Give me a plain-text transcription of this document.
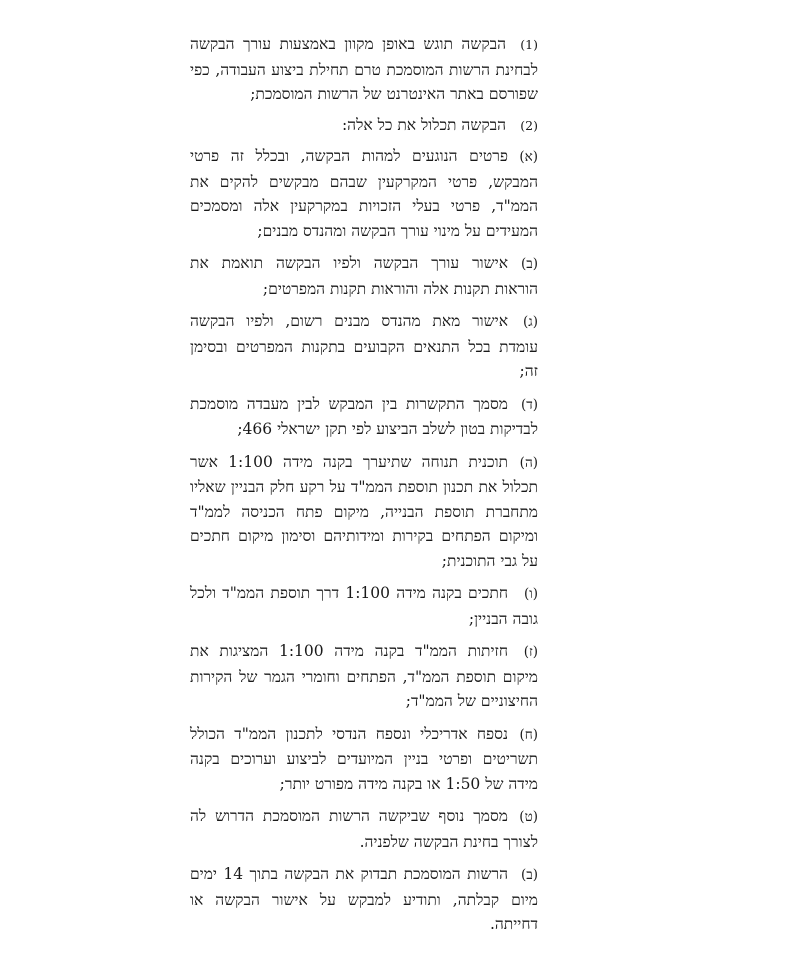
(1)הבקשה תוגש באופן מקוון באמצעות עורך הבקשה לבחינת הרשות המוסמכת טרם תחילת ביצוע העבודה, כפי שפורסם באתר האינטרנט של הרשות המוסמכת;

(2)הבקשה תכלול את כל אלה:

(א)פרטים הנוגעים למהות הבקשה, ובכלל זה פרטי המבקש, פרטי המקרקעין שבהם מבקשים להקים את הממ"ד, פרטי בעלי הזכויות במקרקעין אלה ומסמכים המעידים על מינוי עורך הבקשה ומהנדס מבנים;

(ב)אישור עורך הבקשה ולפיו הבקשה תואמת את הוראות תקנות אלה והוראות תקנות המפרטים;

(ג)אישור מאת מהנדס מבנים רשום, ולפיו הבקשה עומדת בכל התנאים הקבועים בתקנות המפרטים ובסימן זה;

(ד)מסמך התקשרות בין המבקש לבין מעבדה מוסמכת לבדיקות בטון לשלב הביצוע לפי תקן ישראלי 466;

(ה)תוכנית תנוחה שתיערך בקנה מידה 1:100 אשר תכלול את תכנון תוספת הממ"ד על רקע חלק הבניין שאליו מתחברת תוספת הבנייה, מיקום פתח הכניסה לממ"ד ומיקום הפתחים בקירות ומידותיהם וסימון מיקום חתכים על גבי התוכנית;

(ו)חתכים בקנה מידה 1:100 דרך תוספת הממ"ד ולכל גובה הבניין;

(ז)חזיתות הממ"ד בקנה מידה 1:100 המציגות את מיקום תוספת הממ"ד, הפתחים וחומרי הגמר של הקירות החיצוניים של הממ"ד;

(ח)נספח אדריכלי ונספח הנדסי לתכנון הממ"ד הכולל תשריטים ופרטי בניין המיועדים לביצוע וערוכים בקנה מידה של 1:50 או בקנה מידה מפורט יותר;

(ט)מסמך נוסף שביקשה הרשות המוסמכת הדרוש לה לצורך בחינת הבקשה שלפניה.

(ב)הרשות המוסמכת תבדוק את הבקשה בתוך 14 ימים מיום קבלתה, ותודיע למבקש על אישור הבקשה או דחייתה.
